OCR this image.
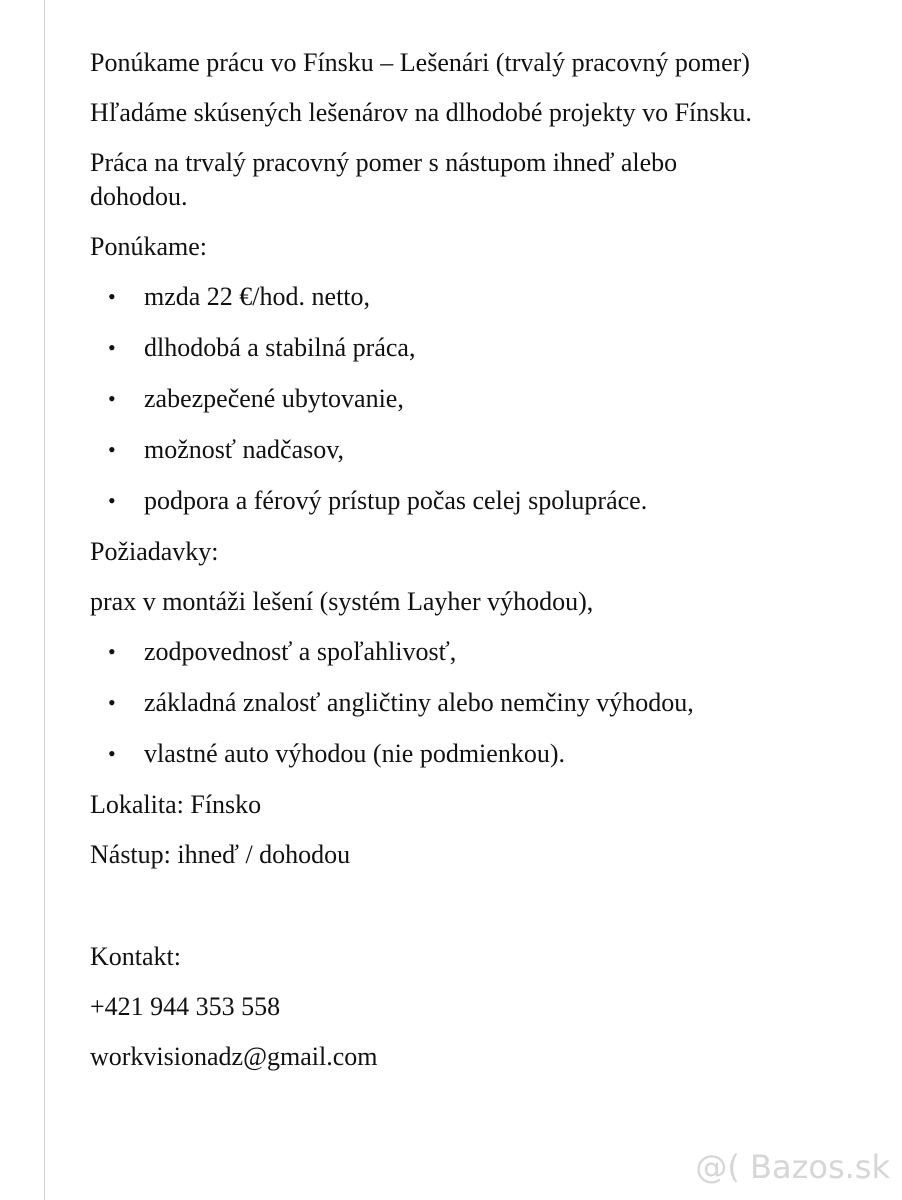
Ponúkame prácu vo Fínsku – Lešenári (trvalý pracovný pomer)

Hľadáme skúsených lešenárov na dlhodobé projekty vo Fínsku.

Práca na trvalý pracovný pomer s nástupom ihneď alebo dohodou.

Ponúkame:

• mzda 22 €/hod. netto,
• dlhodobá a stabilná práca,
• zabezpečené ubytovanie,
• možnosť nadčasov,
• podpora a férový prístup počas celej spolupráce.

Požiadavky:

prax v montáži lešení (systém Layher výhodou),

• zodpovednosť a spoľahlivosť,
• základná znalosť angličtiny alebo nemčiny výhodou,
• vlastné auto výhodou (nie podmienkou).

Lokalita: Fínsko

Nástup: ihneď / dohodou

Kontakt:

+421 944 353 558

workvisionadz@gmail.com

@( Bazos.sk
